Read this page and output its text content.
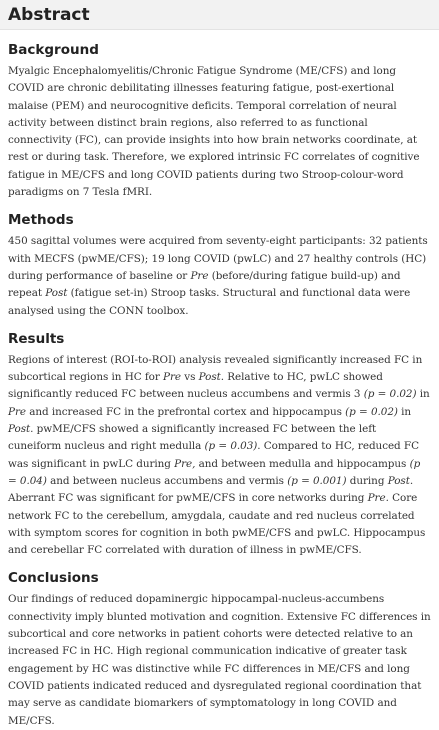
Abstract
Background

Myalgic Encephalomyelitis/Chronic Fatigue Syndrome (ME/CFS) and long COVID are chronic debilitating illnesses featuring fatigue, post-exertional malaise (PEM) and neurocognitive deficits. Temporal correlation of neural activity between distinct brain regions, also referred to as functional connectivity (FC), can provide insights into how brain networks coordinate, at rest or during task. Therefore, we explored intrinsic FC correlates of cognitive fatigue in ME/CFS and long COVID patients during two Stroop-colour-word paradigms on 7 Tesla fMRI.

Methods

450 sagittal volumes were acquired from seventy-eight participants: 32 patients with MECFS (pwME/CFS); 19 long COVID (pwLC) and 27 healthy controls (HC) during performance of baseline or Pre (before/during fatigue build-up) and repeat Post (fatigue set-in) Stroop tasks. Structural and functional data were analysed using the CONN toolbox.

Results

Regions of interest (ROI-to-ROI) analysis revealed significantly increased FC in subcortical regions in HC for Pre vs Post. Relative to HC, pwLC showed significantly reduced FC between nucleus accumbens and vermis 3 (p = 0.02) in Pre and increased FC in the prefrontal cortex and hippocampus (p = 0.02) in Post. pwME/CFS showed a significantly increased FC between the left cuneiform nucleus and right medulla (p = 0.03). Compared to HC, reduced FC was significant in pwLC during Pre, and between medulla and hippocampus (p = 0.04) and between nucleus accumbens and vermis (p = 0.001) during Post. Aberrant FC was significant for pwME/CFS in core networks during Pre. Core network FC to the cerebellum, amygdala, caudate and red nucleus correlated with symptom scores for cognition in both pwME/CFS and pwLC. Hippocampus and cerebellar FC correlated with duration of illness in pwME/CFS.

Conclusions

Our findings of reduced dopaminergic hippocampal-nucleus-accumbens connectivity imply blunted motivation and cognition. Extensive FC differences in subcortical and core networks in patient cohorts were detected relative to an increased FC in HC. High regional communication indicative of greater task engagement by HC was distinctive while FC differences in ME/CFS and long COVID patients indicated reduced and dysregulated regional coordination that may serve as candidate biomarkers of symptomatology in long COVID and ME/CFS.
